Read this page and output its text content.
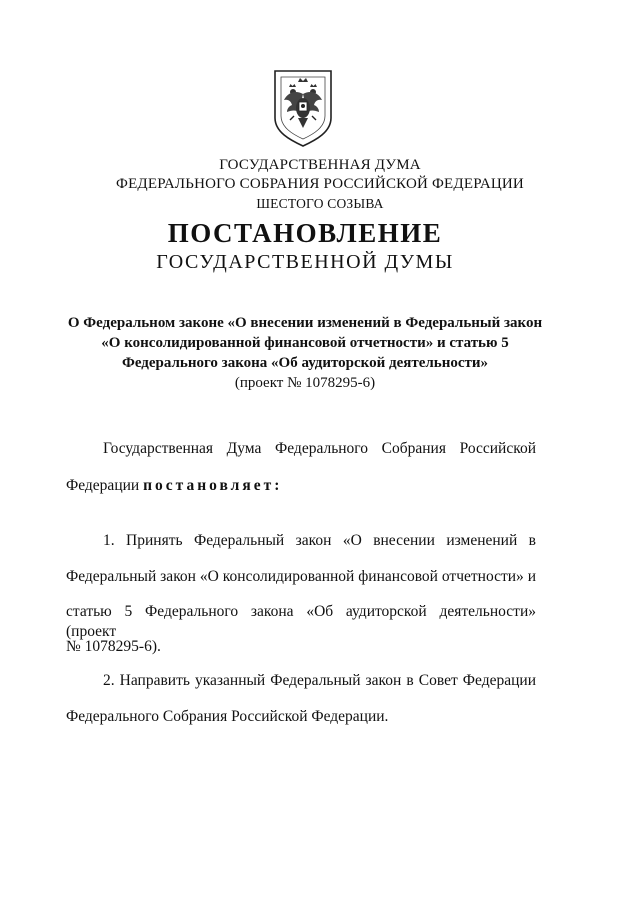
ГОСУДАРСТВЕННАЯ ДУМА
ФЕДЕРАЛЬНОГО СОБРАНИЯ РОССИЙСКОЙ ФЕДЕРАЦИИ
ШЕСТОГО СОЗЫВА
ПОСТАНОВЛЕНИЕ
ГОСУДАРСТВЕННОЙ ДУМЫ
О Федеральном законе «О внесении изменений в Федеральный закон
«О консолидированной финансовой отчетности» и статью 5
Федерального закона «Об аудиторской деятельности»
(проект № 1078295-6)
Государственная Дума Федерального Собрания Российской
Федерации постановляет:
1. Принять Федеральный закон «О внесении изменений в
Федеральный закон «О консолидированной финансовой отчетности» и
статью 5 Федерального закона «Об аудиторской деятельности» (проект
№ 1078295-6).
2. Направить указанный Федеральный закон в Совет Федерации
Федерального Собрания Российской Федерации.
